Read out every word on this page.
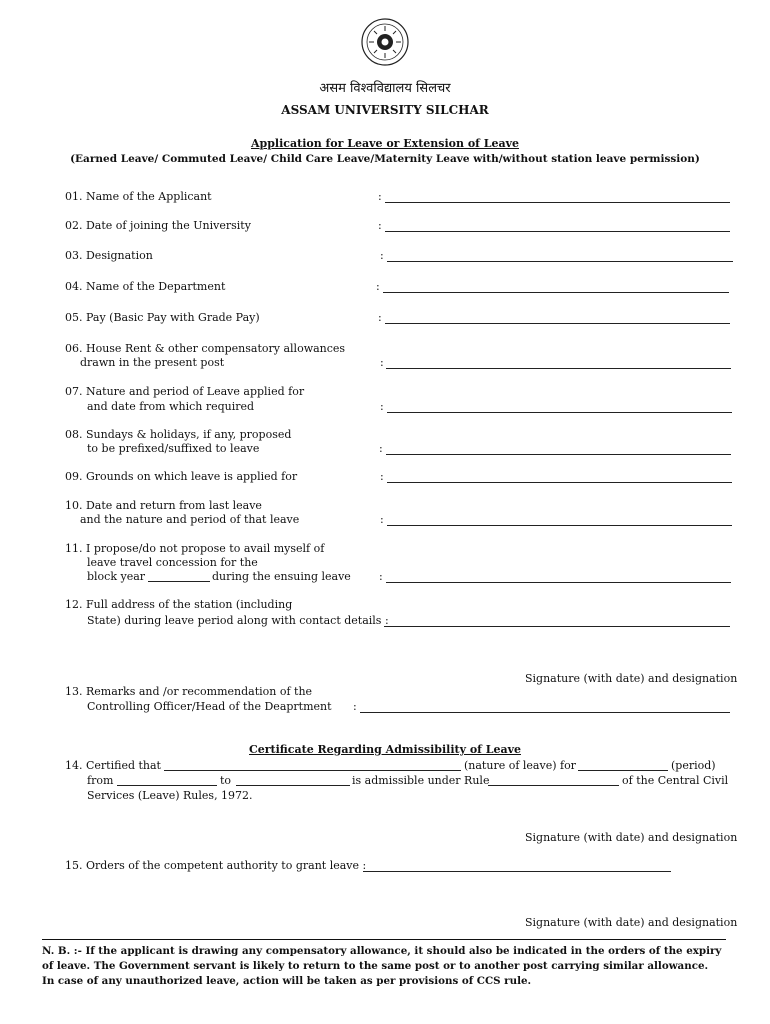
असम विश्वविद्यालय सिलचर
ASSAM UNIVERSITY SILCHAR
Application for Leave or Extension of Leave
(Earned Leave/ Commuted Leave/ Child Care Leave/Maternity Leave with/without station leave permission)
01. Name of the Applicant	:
02. Date of joining the University	:
03. Designation	:
04. Name of the Department	:
05. Pay (Basic Pay with Grade Pay)	:
06. House Rent & other compensatory allowances
drawn in the present post	:
07. Nature and period of Leave applied for
and date from which required	:
08. Sundays & holidays, if any, proposed
to be prefixed/suffixed to leave	:
09. Grounds on which leave is applied for	:
10. Date and return from last leave
and the nature and period of that leave	:
11. I propose/do not propose to avail myself of
leave travel concession for the
block year	during the ensuing leave	:
12. Full address of the station (including
State) during leave period along with contact details :
Signature (with date) and designation
13. Remarks and /or recommendation of the
Controlling Officer/Head of the Deaprtment :
Certificate Regarding Admissibility of Leave
14. Certified that	(nature of leave) for	(period)
from	to	is admissible under Rule	of the Central Civil
Services (Leave) Rules, 1972.
Signature (with date) and designation
15. Orders of the competent authority to grant leave :
Signature (with date) and designation
N. B. :- If the applicant is drawing any compensatory allowance, it should also be indicated in the orders of the expiry
of leave. The Government servant is likely to return to the same post or to another post carrying similar allowance.
In case of any unauthorized leave, action will be taken as per provisions of CCS rule.
